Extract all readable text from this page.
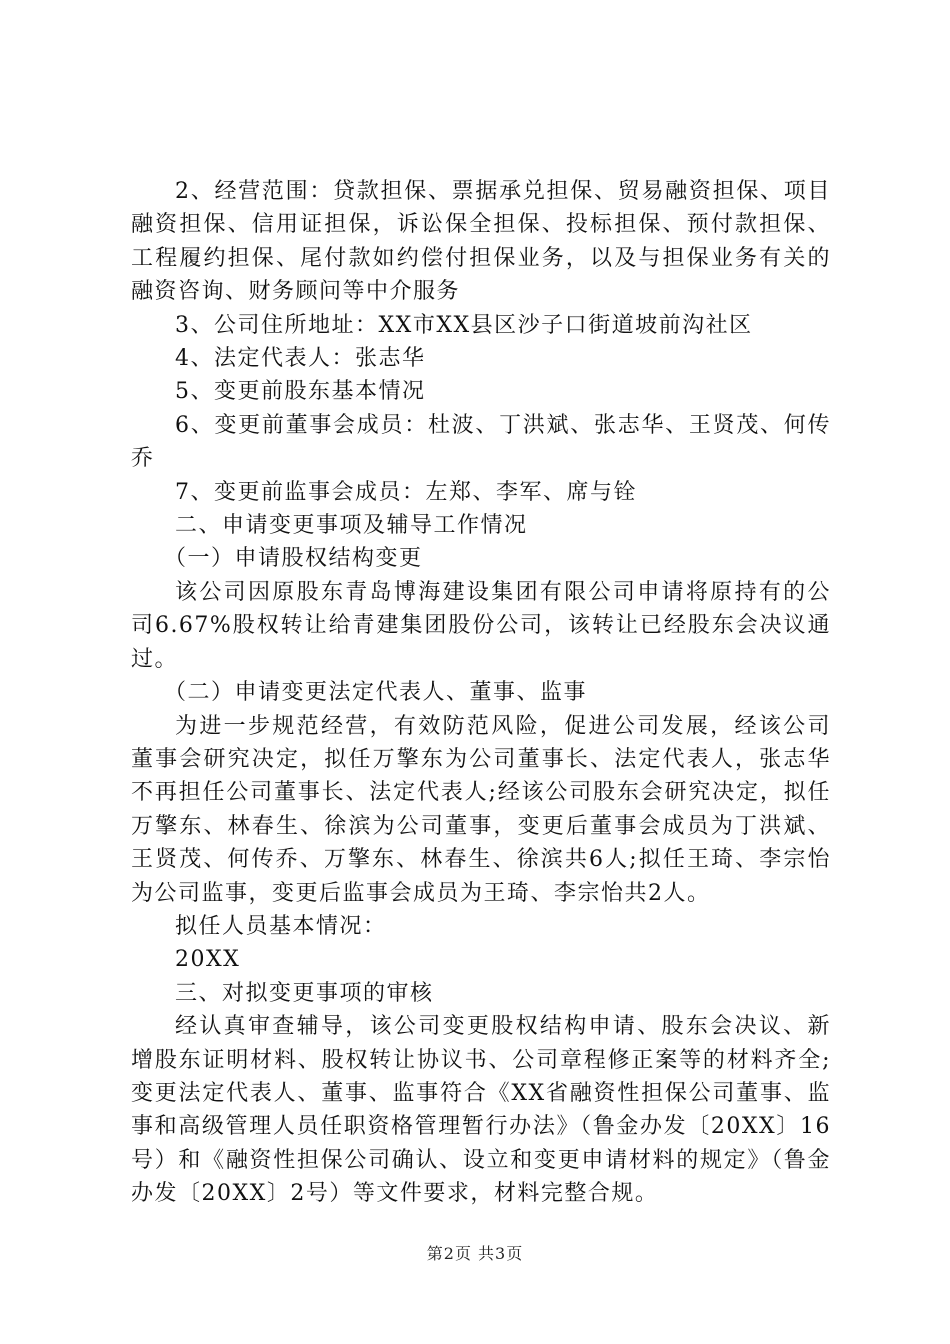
2、经营范围：贷款担保、票据承兑担保、贸易融资担保、项目融资担保、信用证担保，诉讼保全担保、投标担保、预付款担保、工程履约担保、尾付款如约偿付担保业务，以及与担保业务有关的融资咨询、财务顾问等中介服务

3、公司住所地址：XX市XX县区沙子口街道坡前沟社区

4、法定代表人：张志华

5、变更前股东基本情况

6、变更前董事会成员：杜波、丁洪斌、张志华、王贤茂、何传乔

7、变更前监事会成员：左郑、李军、席与铨

二、申请变更事项及辅导工作情况

（一）申请股权结构变更

该公司因原股东青岛博海建设集团有限公司申请将原持有的公司6.67%股权转让给青建集团股份公司，该转让已经股东会决议通过。

（二）申请变更法定代表人、董事、监事

为进一步规范经营，有效防范风险，促进公司发展，经该公司董事会研究决定，拟任万擎东为公司董事长、法定代表人，张志华不再担任公司董事长、法定代表人;经该公司股东会研究决定，拟任万擎东、林春生、徐滨为公司董事，变更后董事会成员为丁洪斌、王贤茂、何传乔、万擎东、林春生、徐滨共6人;拟任王琦、李宗怡为公司监事，变更后监事会成员为王琦、李宗怡共2人。

拟任人员基本情况：

20XX

三、对拟变更事项的审核

经认真审查辅导，该公司变更股权结构申请、股东会决议、新增股东证明材料、股权转让协议书、公司章程修正案等的材料齐全;变更法定代表人、董事、监事符合《XX省融资性担保公司董事、监事和高级管理人员任职资格管理暂行办法》（鲁金办发〔20XX〕16号）和《融资性担保公司确认、设立和变更申请材料的规定》（鲁金办发〔20XX〕2号）等文件要求，材料完整合规。

第2页 共3页
